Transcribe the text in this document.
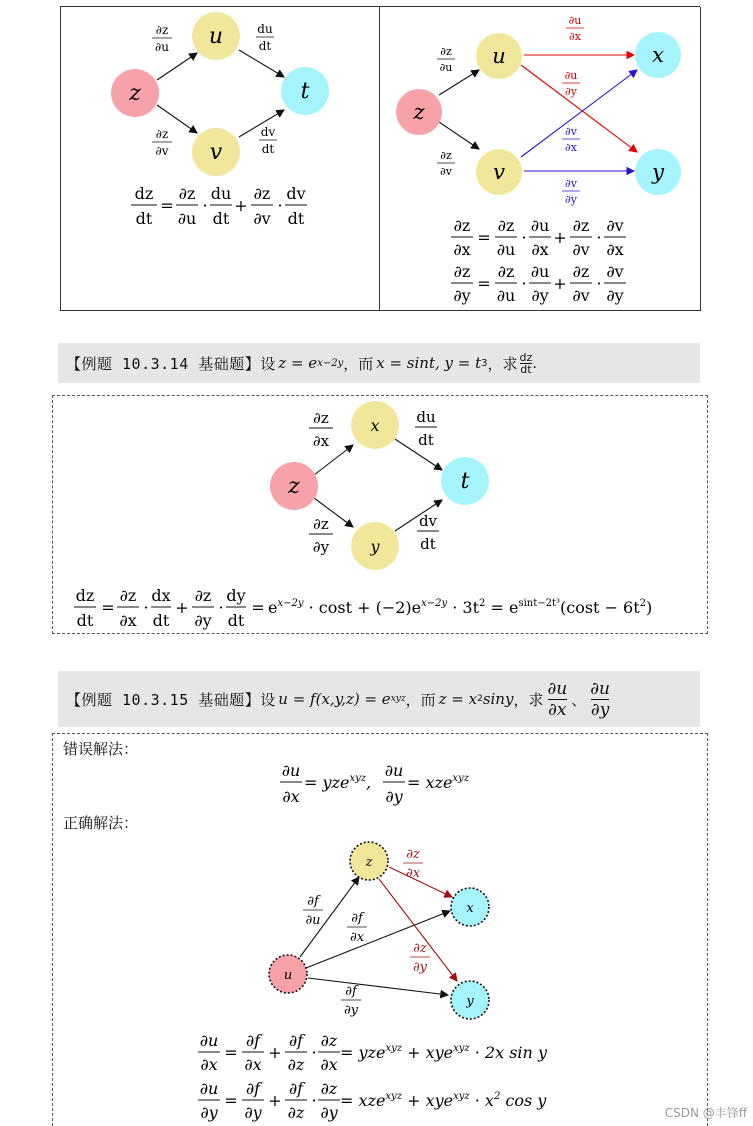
z
u
v
t
∂z
∂u
∂z
∂v
du
dt
dv
dt
dz
dt
=
∂z
∂u
·
du
dt
+
∂z
∂v
·
dv
dt
z
u
v
x
y
∂z
∂u
∂z
∂v
∂u
∂x
∂u
∂y
∂v
∂x
∂v
∂y
∂z
∂x
=
∂z
∂u
·
∂u
∂x
+
∂z
∂v
·
∂v
∂x
∂z
∂y
=
∂z
∂u
·
∂u
∂y
+
∂z
∂v
·
∂v
∂y
【例题 10.3.14 基础题】 设 z = e x−2y ，而 x = sint, y = t 3 ，求 dz
dt .
z
x
y
t
∂z
∂x
∂z
∂y
du
dt
dv
dt
dz
dt
=
∂z
∂x
·
dx
dt
+
∂z
∂y
·
dy
dt
= $e^{x-2y} \cdot \cos t + (-2)e^{x-2y} \cdot 3t^2 = e^{sint-2t^3}(\cos t - 6t^2)$
【例题 10.3.15 基础题】 设 u = f(x,y,z) = e xyz ，而 z = x 2 siny ，求
∂u
∂x 、
∂u
∂y
错误解法：
正确解法：
∂u
∂x
= yze$^{xyz}$,
∂u
∂y
= xze$^{xyz}$
z
x
y
u
∂f
∂u ∂f
∂x
∂f
∂y
∂z
∂x
∂z
∂y
∂u
∂x
=
∂f
∂x
+
∂f
∂z
·
∂z
∂x
= yze$^{xyz}$ + xye$^{xyz}$ · 2x sin y
∂u
∂y
=
∂f
∂y
+
∂f
∂z
·
∂z
∂y
= $xze^{xyz} + xye^{xyz} \cdot x^2$ cos y
CSDN @丰锋ff
